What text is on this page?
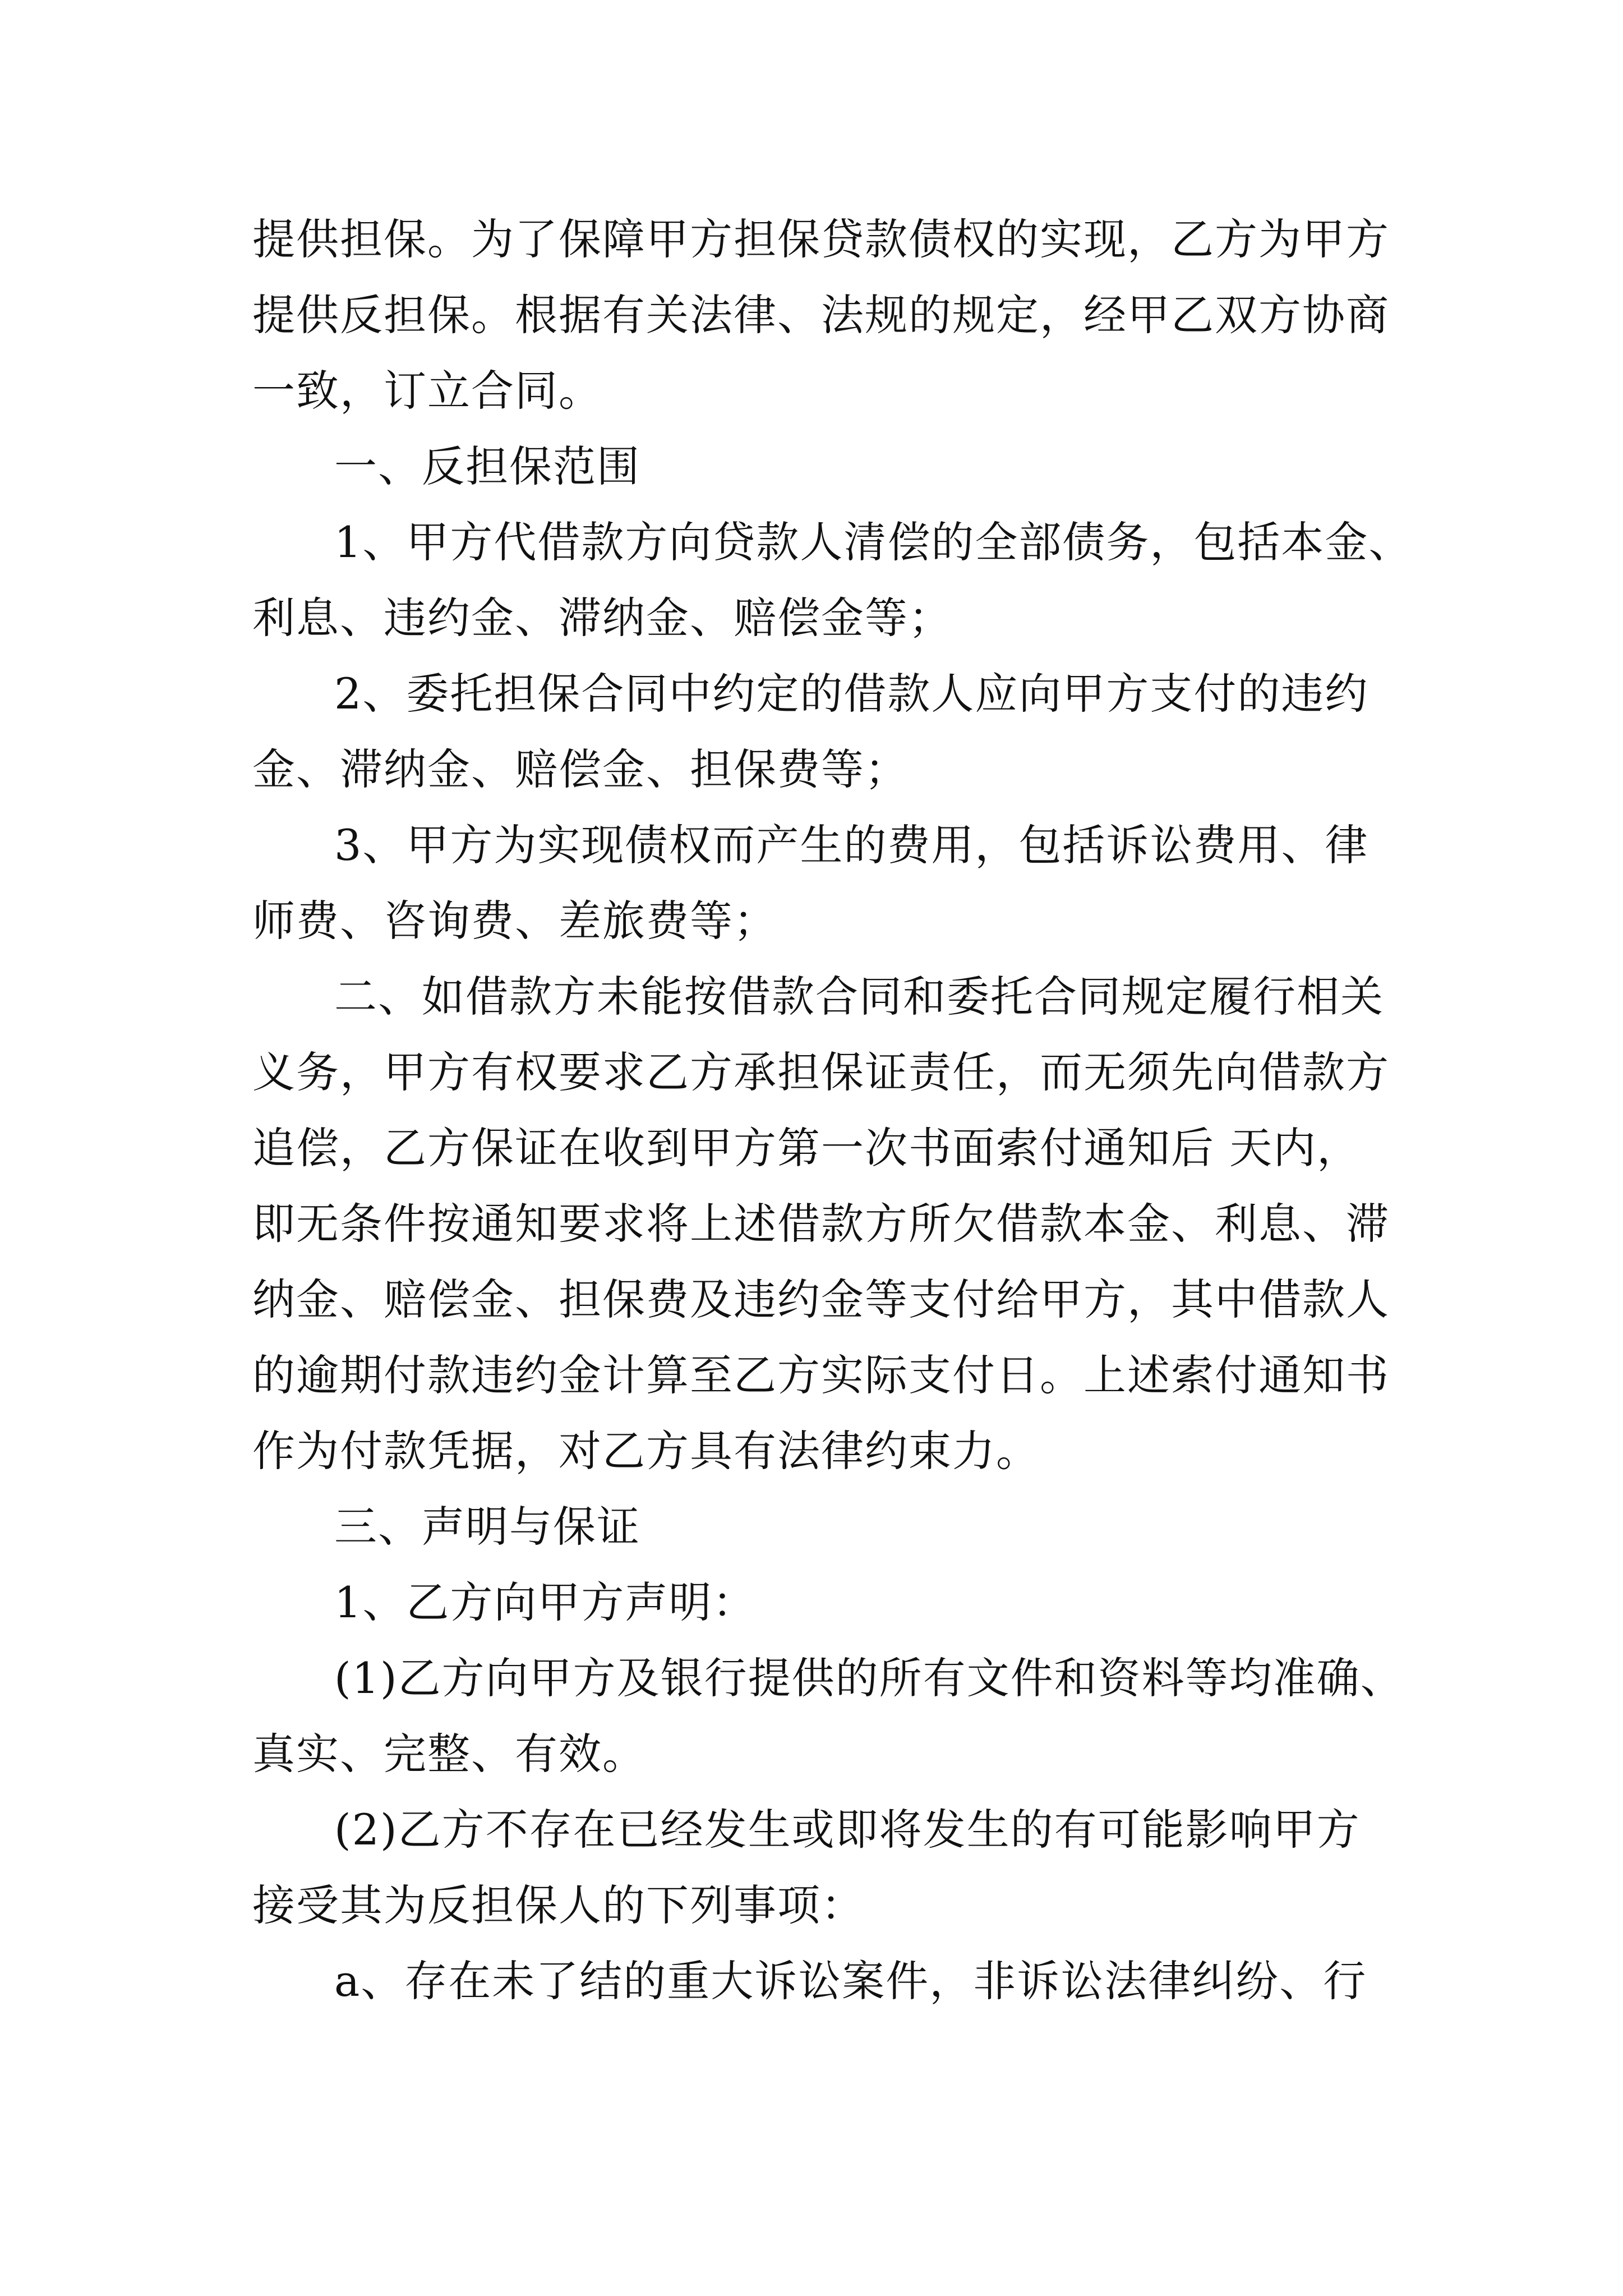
提供担保。为了保障甲方担保贷款债权的实现，乙方为甲方

提供反担保。根据有关法律、法规的规定，经甲乙双方协商

一致，订立合同。

一、反担保范围

1、甲方代借款方向贷款人清偿的全部债务，包括本金、

利息、违约金、滞纳金、赔偿金等；

2、委托担保合同中约定的借款人应向甲方支付的违约

金、滞纳金、赔偿金、担保费等；

3、甲方为实现债权而产生的费用，包括诉讼费用、律

师费、咨询费、差旅费等；

二、如借款方未能按借款合同和委托合同规定履行相关

义务，甲方有权要求乙方承担保证责任，而无须先向借款方

追偿，乙方保证在收到甲方第一次书面索付通知后 天内，

即无条件按通知要求将上述借款方所欠借款本金、利息、滞

纳金、赔偿金、担保费及违约金等支付给甲方，其中借款人

的逾期付款违约金计算至乙方实际支付日。上述索付通知书

作为付款凭据，对乙方具有法律约束力。

三、声明与保证

1、乙方向甲方声明：

(1)乙方向甲方及银行提供的所有文件和资料等均准确、

真实、完整、有效。

(2)乙方不存在已经发生或即将发生的有可能影响甲方

接受其为反担保人的下列事项：

a、存在未了结的重大诉讼案件，非诉讼法律纠纷、行
